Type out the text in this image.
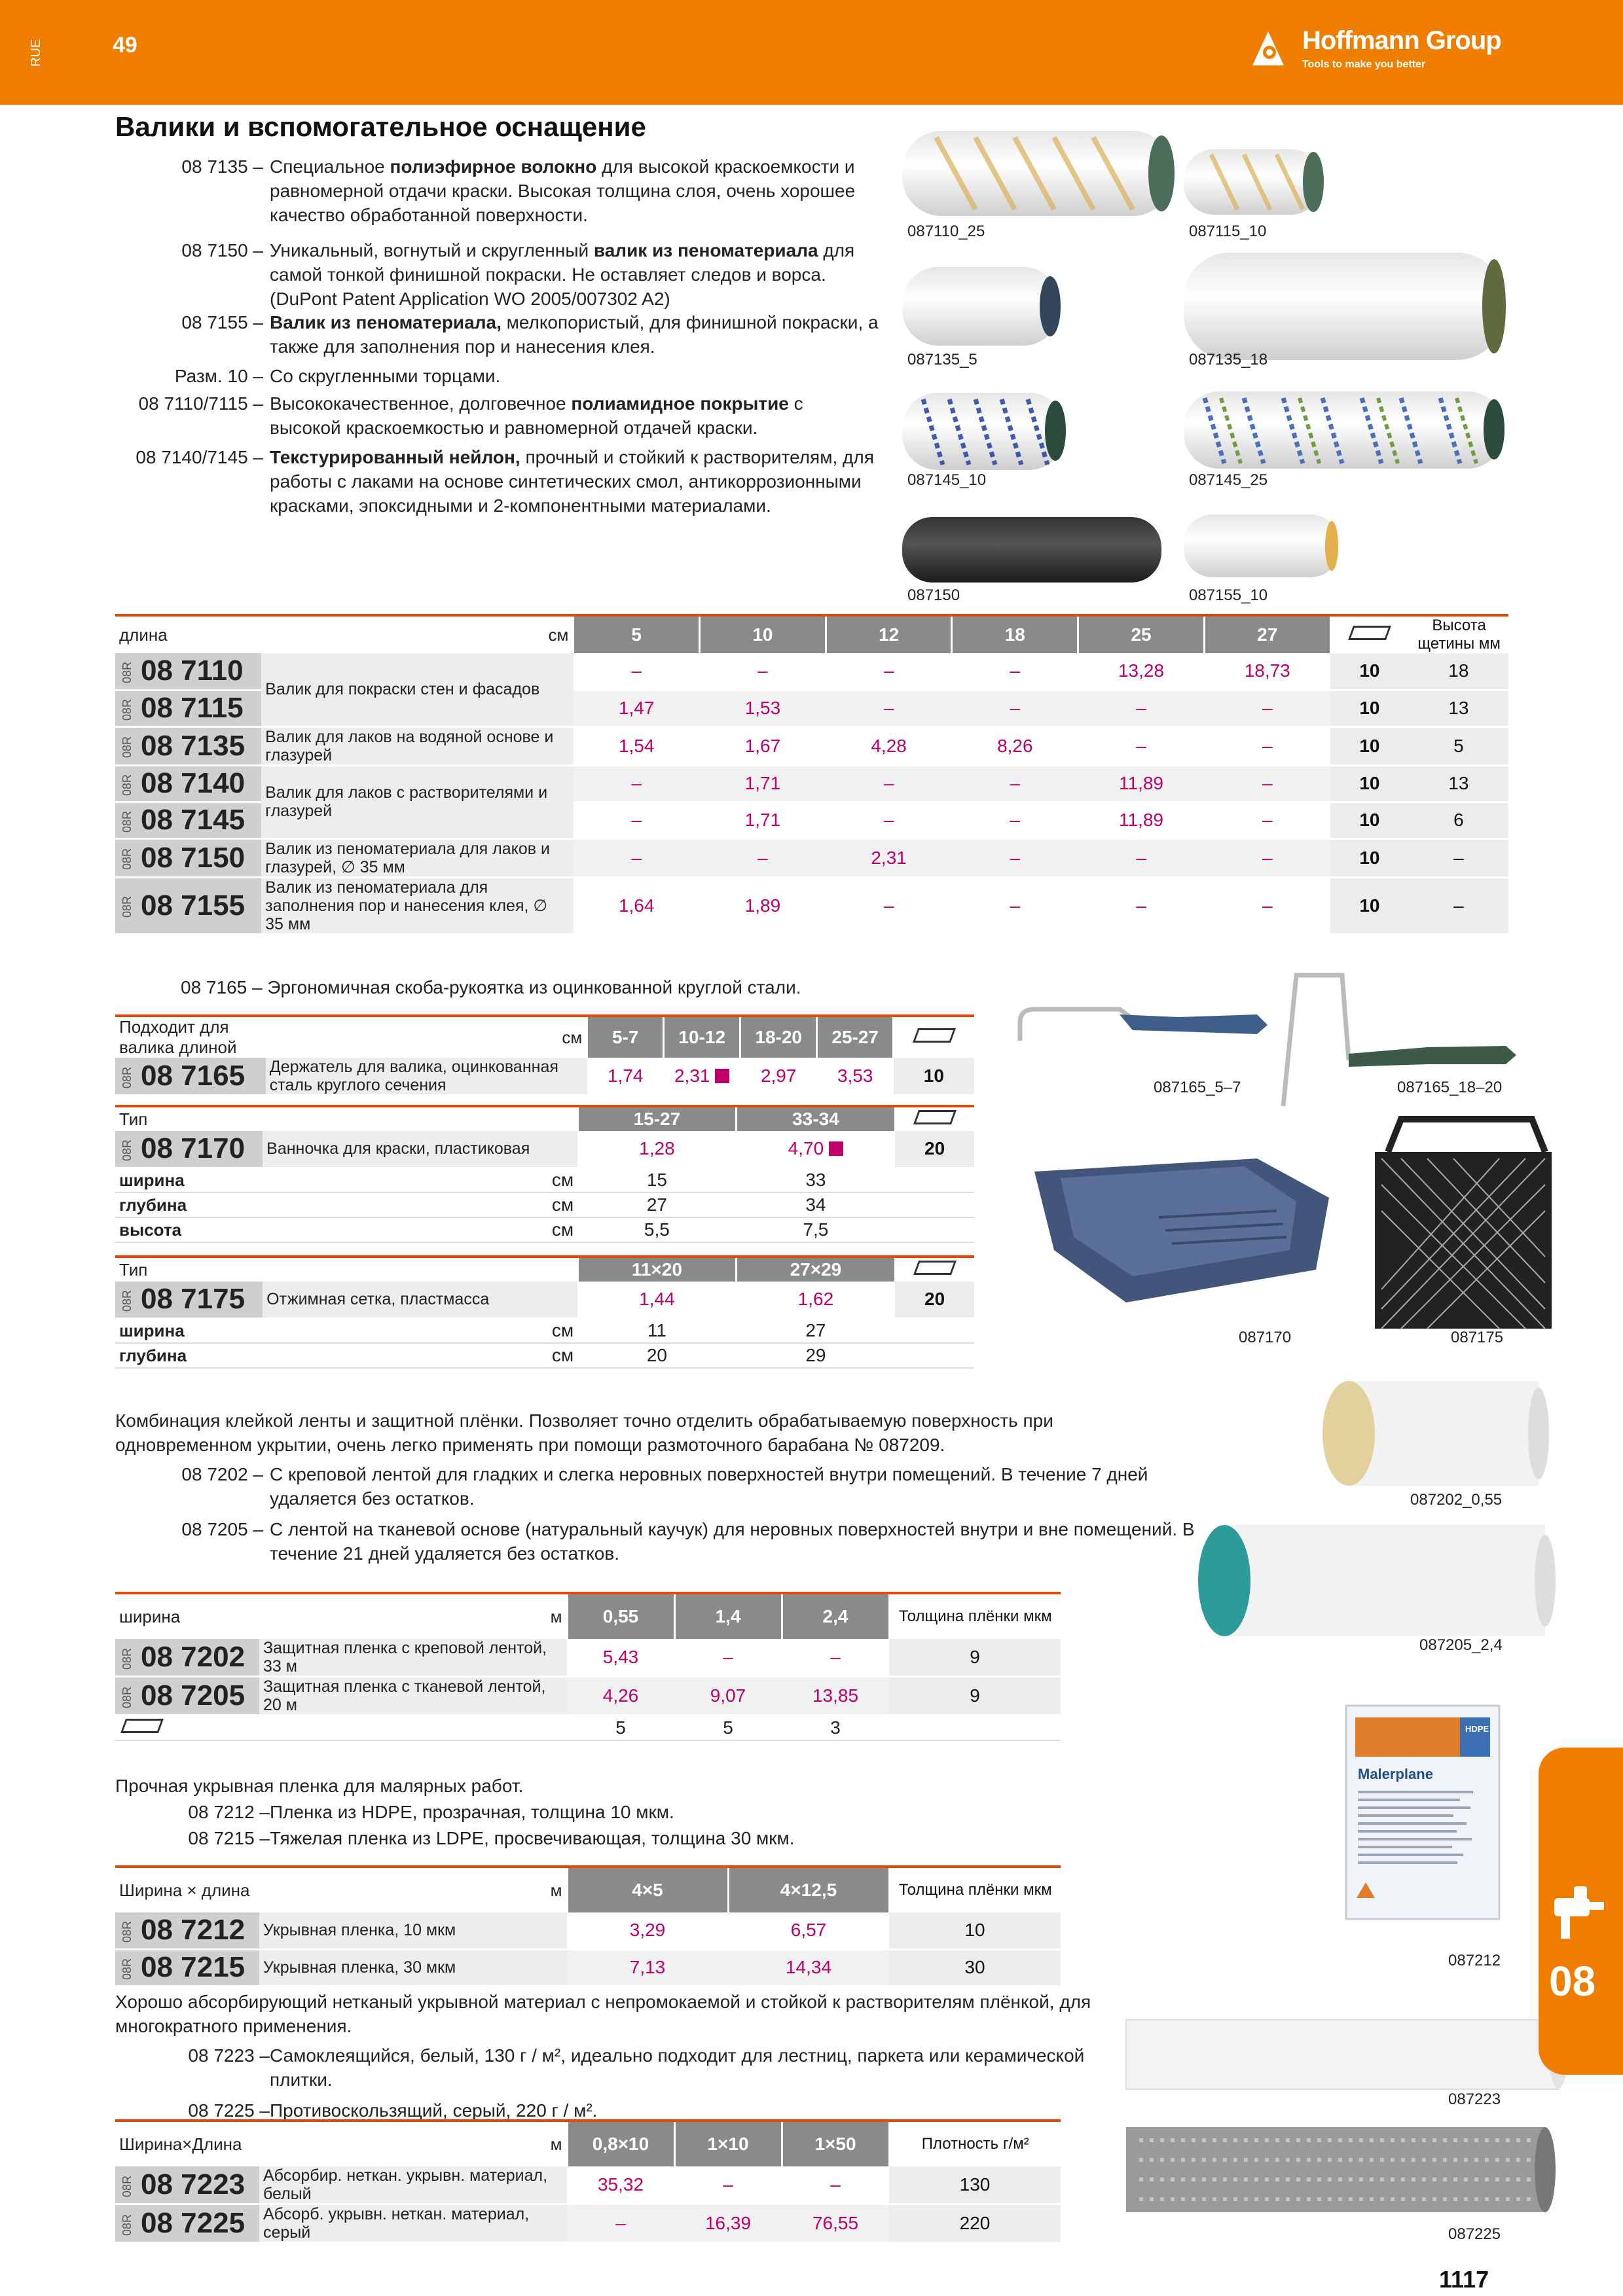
RUE	49	Hoffmann Group
Tools to make you better
Валики и вспомогательное оснащение
08 7135 – Специальное полиэфирное волокно для высокой краскоемкости и равномерной отдачи краски. Высокая толщина слоя, очень хорошее качество обработанной поверхности.
08 7150 – Уникальный, вогнутый и скругленный валик из пеноматериала для самой тонкой финишной покраски. Не оставляет следов и ворса. (DuPont Patent Application WO 2005/007302 A2)
08 7155 – Валик из пеноматериала, мелкопористый, для финишной покраски, а также для заполнения пор и нанесения клея.
Разм. 10 – Со скругленными торцами.
08 7110/7115 – Высококачественное, долговечное полиамидное покрытие с высокой краскоемкостью и равномерной отдачей краски.
08 7140/7145 – Текстурированный нейлон, прочный и стойкий к растворителям, для работы с лаками на основе синтетических смол, антикоррозионными красками, эпоксидными и 2-компонентными материалами.
087110_25	087115_10
087135_5	087135_18
087145_10	087145_25
087150	087155_10
длина	см	5	10	12	18	25	27		Высота щетины мм
08R 08 7110	Валик для покраски стен и фасадов	–	–	–	–	13,28	18,73	10	18
08R 08 7115		1,47	1,53	–	–	–	–	10	13
08R 08 7135	Валик для лаков на водяной основе и глазурей	1,54	1,67	4,28	8,26	–	–	10	5
08R 08 7140	Валик для лаков с растворителями и глазурей	–	1,71	–	–	11,89	–	10	13
08R 08 7145		–	1,71	–	–	11,89	–	10	6
08R 08 7150	Валик из пеноматериала для лаков и глазурей, ∅ 35 мм	–	–	2,31	–	–	–	10	–
08R 08 7155	Валик из пеноматериала для заполнения пор и нанесения клея, ∅ 35 мм	1,64	1,89	–	–	–	–	10	–
08 7165 – Эргономичная скоба-рукоятка из оцинкованной круглой стали.
Подходит для валика длиной	см	5-7	10-12	18-20	25-27	
08R 08 7165	Держатель для валика, оцинкованная сталь круглого сечения	1,74	2,31	2,97	3,53	10
Тип		15-27	33-34	
08R 08 7170	Ванночка для краски, пластиковая	1,28	4,70	20
ширина	см	15	33	
глубина	см	27	34	
высота	см	5,5	7,5	
Тип		11×20	27×29	
08R 08 7175	Отжимная сетка, пластмасса	1,44	1,62	20
ширина	см	11	27	
глубина	см	20	29	
087165_5–7	087165_18–20
087170	087175
Комбинация клейкой ленты и защитной плёнки. Позволяет точно отделить обрабатываемую поверхность при одновременном укрытии, очень легко применять при помощи размоточного барабана № 087209.
08 7202 – С креповой лентой для гладких и слегка неровных поверхностей внутри помещений. В течение 7 дней удаляется без остатков.
08 7205 – С лентой на тканевой основе (натуральный каучук) для неровных поверхностей внутри и вне помещений. В течение 21 дней удаляется без остатков.
087202_0,55
087205_2,4
ширина	м	0,55	1,4	2,4	Толщина плёнки мкм
08R 08 7202	Защитная пленка с креповой лентой, 33 м	5,43	–	–	9
08R 08 7205	Защитная пленка с тканевой лентой, 20 м	4,26	9,07	13,85	9
		5	5	3	
Прочная укрывная пленка для малярных работ.
08 7212 – Пленка из HDPE, прозрачная, толщина 10 мкм.
08 7215 – Тяжелая пленка из LDPE, просвечивающая, толщина 30 мкм.
Malerplane
HDPE
087212
Ширина × длина	м	4×5	4×12,5	Толщина плёнки мкм
08R 08 7212	Укрывная пленка, 10 мкм	3,29	6,57	10
08R 08 7215	Укрывная пленка, 30 мкм	7,13	14,34	30
Хорошо абсорбирующий нетканый укрывной материал с непромокаемой и стойкой к растворителям плёнкой, для многократного применения.
08 7223 – Самоклеящийся, белый, 130 г / м², идеально подходит для лестниц, паркета или керамической плитки.
08 7225 – Противоскользящий, серый, 220 г / м².
087223
087225
Ширина×Длина	м	0,8×10	1×10	1×50	Плотность г/м²
08R 08 7223	Абсорбир. неткан. укрывн. материал, белый	35,32	–	–	130
08R 08 7225	Абсорб. укрывн. неткан. материал, серый	–	16,39	76,55	220
08
1117
